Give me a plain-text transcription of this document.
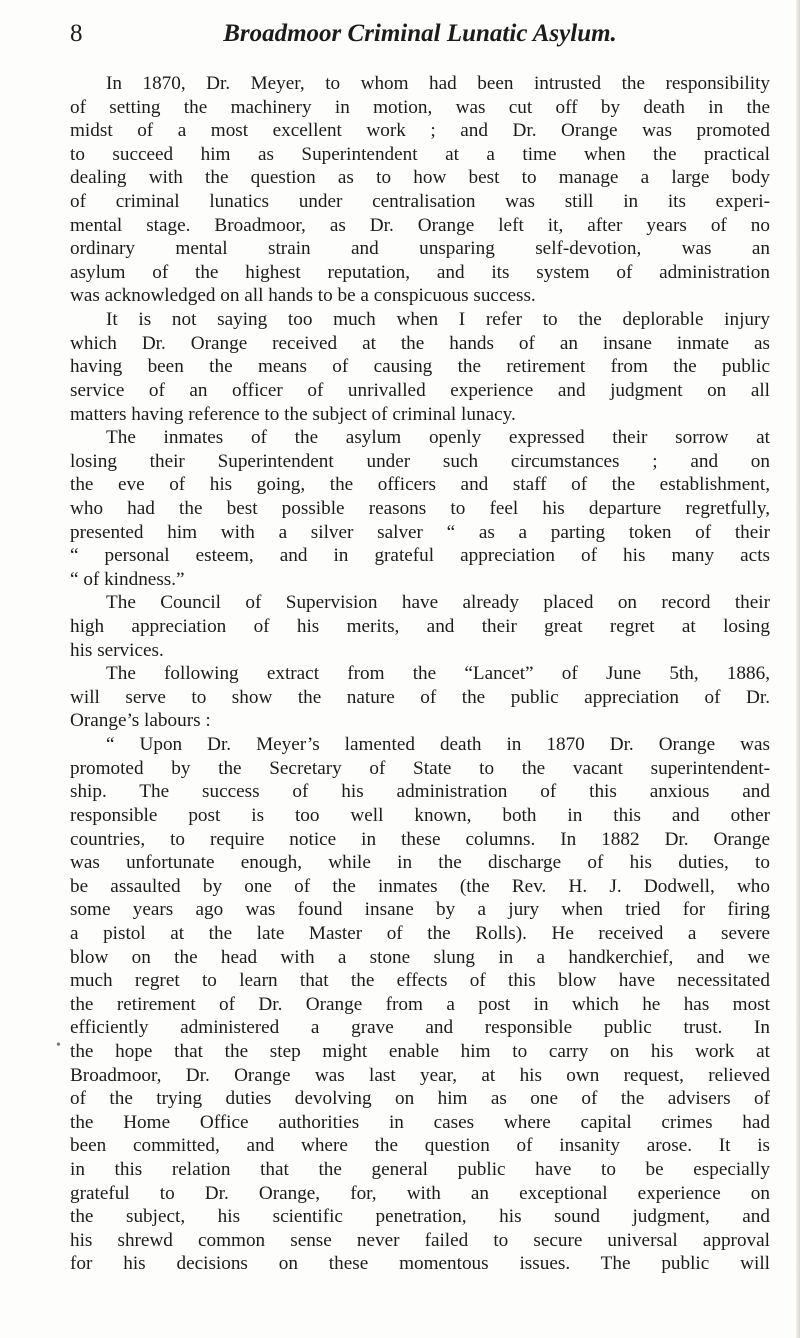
8	Broadmoor Criminal Lunatic Asylum.
In 1870, Dr. Meyer, to whom had been intrusted the responsibility
of setting the machinery in motion, was cut off by death in the
midst of a most excellent work ; and Dr. Orange was promoted
to succeed him as Superintendent at a time when the practical
dealing with the question as to how best to manage a large body
of criminal lunatics under centralisation was still in its experi-
mental stage. Broadmoor, as Dr. Orange left it, after years of no
ordinary mental strain and unsparing self-devotion, was an
asylum of the highest reputation, and its system of administration
was acknowledged on all hands to be a conspicuous success.
It is not saying too much when I refer to the deplorable injury
which Dr. Orange received at the hands of an insane inmate as
having been the means of causing the retirement from the public
service of an officer of unrivalled experience and judgment on all
matters having reference to the subject of criminal lunacy.
The inmates of the asylum openly expressed their sorrow at
losing their Superintendent under such circumstances ; and on
the eve of his going, the officers and staff of the establishment,
who had the best possible reasons to feel his departure regretfully,
presented him with a silver salver “ as a parting token of their
“ personal esteem, and in grateful appreciation of his many acts
“ of kindness.”
The Council of Supervision have already placed on record their
high appreciation of his merits, and their great regret at losing
his services.
The following extract from the “Lancet” of June 5th, 1886,
will serve to show the nature of the public appreciation of Dr.
Orange’s labours :
“ Upon Dr. Meyer’s lamented death in 1870 Dr. Orange was
promoted by the Secretary of State to the vacant superintendent-
ship. The success of his administration of this anxious and
responsible post is too well known, both in this and other
countries, to require notice in these columns. In 1882 Dr. Orange
was unfortunate enough, while in the discharge of his duties, to
be assaulted by one of the inmates (the Rev. H. J. Dodwell, who
some years ago was found insane by a jury when tried for firing
a pistol at the late Master of the Rolls). He received a severe
blow on the head with a stone slung in a handkerchief, and we
much regret to learn that the effects of this blow have necessitated
the retirement of Dr. Orange from a post in which he has most
efficiently administered a grave and responsible public trust. In
the hope that the step might enable him to carry on his work at
Broadmoor, Dr. Orange was last year, at his own request, relieved
of the trying duties devolving on him as one of the advisers of
the Home Office authorities in cases where capital crimes had
been committed, and where the question of insanity arose. It is
in this relation that the general public have to be especially
grateful to Dr. Orange, for, with an exceptional experience on
the subject, his scientific penetration, his sound judgment, and
his shrewd common sense never failed to secure universal approval
for his decisions on these momentous issues. The public will
•
